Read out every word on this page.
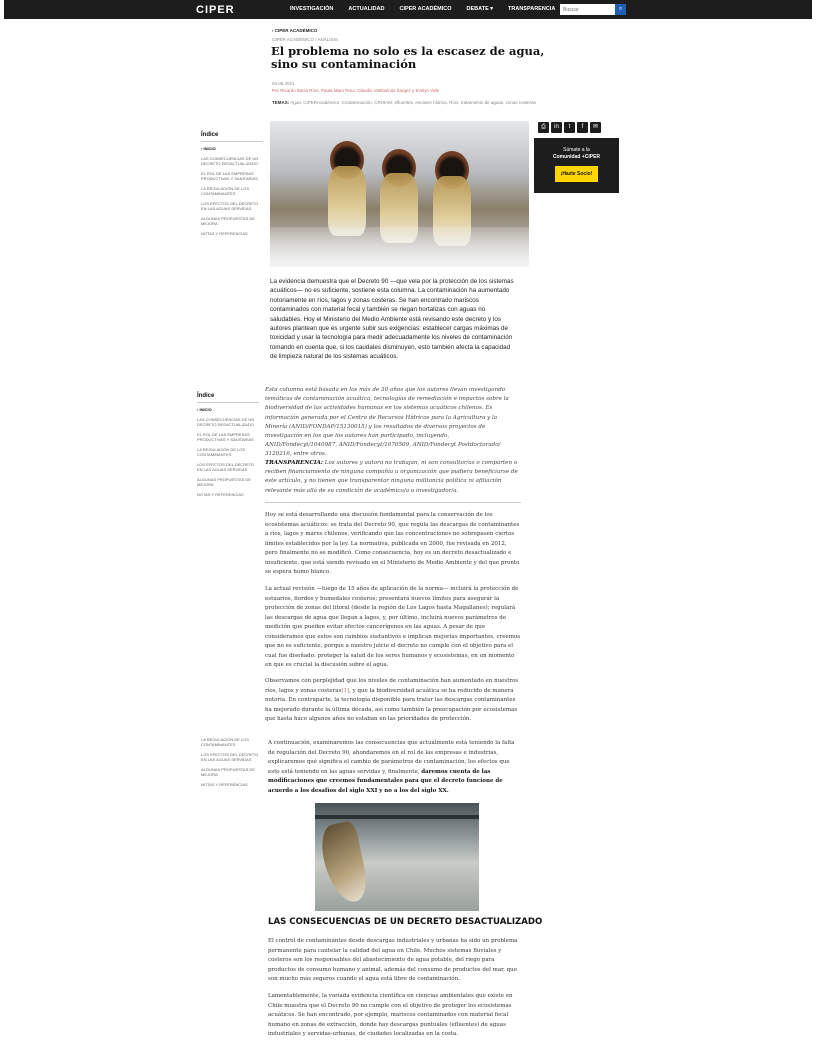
CIPER	INVESTIGACIÓN	ACTUALIDAD	CIPER ACADÉMICO	DEBATE ▾	TRANSPARENCIA
Buscar	⌕
› CIPER ACADÉMICO
CIPER ACADÉMICO / ANÁLISIS
El problema no solo es la escasez de agua, sino su contaminación
04.06.2021
Por Ricardo Barra Ríos, Paula Maro Rmo, Claudio Valdovinos Zargez y Evelyn Vide
TEMAS: Agua, CIPERAcadémico, Contaminación, CRHIAM, efluentes, escasez hídrica, Ríos, tratamiento de aguas, zonas costeras
Índice
› INICIO
LAS CONSECUENCIAS DE UN DECRETO DESACTUALIZADO
EL ROL DE LAS EMPRESAS PRODUCTIVAS Y SANITARIAS
LA REGULACIÓN DE LOS CONTAMINANTES
LOS EFECTOS DEL DECRETO EN LAS AGUAS SERVIDAS
ALGUNAS PROPUESTAS DE MEJORA
NOTAS Y REFERENCIAS
⎙	in	t	f	✉
Súmate a la
Comunidad +CIPER
¡Hazte Socio!

La evidencia demuestra que el Decreto 90 —que vela por la protección de los sistemas acuáticos— no es suficiente, sostiene esta columna. La contaminación ha aumentado notoriamente en ríos, lagos y zonas costeras. Se han encontrado mariscos contaminados con material fecal y también se riegan hortalizas con aguas no saludables. Hoy el Ministerio del Medio Ambiente está revisando este decreto y los autores plantean que es urgente subir sus exigencias: establecer cargas máximas de toxicidad y usar la tecnología para medir adecuadamente los niveles de contaminación tomando en cuenta que, si los caudales disminuyen, esto también afecta la capacidad de limpieza natural de los sistemas acuáticos.

Índice
› INICIO
LAS CONSECUENCIAS DE UN DECRETO DESACTUALIZADO
EL ROL DE LAS EMPRESAS PRODUCTIVAS Y SANITARIAS
LA REGULACIÓN DE LOS CONTAMINANTES
LOS EFECTOS DEL DECRETO EN LAS AGUAS SERVIDAS
ALGUNAS PROPUESTAS DE MEJORA
NOTAS Y REFERENCIAS

Esta columna está basada en los más de 30 años que los autores llevan investigando temáticas de contaminación acuática, tecnologías de remediación e impactos sobre la biodiversidad de las actividades humanas en los sistemas acuáticos chilenos. Es información generada por el Centro de Recursos Hídricos para la Agricultura y la Minería (ANID/FONDAP/15130015) y los resultados de diversos proyectos de investigación en los que los autores han participado, incluyendo, ANID/Fondecyt/1040987, ANID/Fondecyt/1070509, ANID/Fondecyt Postdoctorado/ 3120216, entre otros.

TRANSPARENCIA: Los autores y autora no trabajan, ni son consultor/as o comparten o reciben financiamiento de ninguna compañía u organización que pudiera beneficiarse de este artículo, y no tienen que transparentar ninguna militancia política ni afiliación relevante más allá de su condición de académico/a o investigador/a.

Hoy se está desarrollando una discusión fundamental para la conservación de los ecosistemas acuáticos: se trata del Decreto 90, que regula las descargas de contaminantes a ríos, lagos y mares chilenos, verificando que las concentraciones no sobrepasen ciertos límites establecidos por la ley. La normativa, publicada en 2000, fue revisada en 2012, pero finalmente no se modificó. Como consecuencia, hoy es un decreto desactualizado e insuficiente, que está siendo revisado en el Ministerio de Medio Ambiente y del que pronto se espera humo blanco.

La actual revisión —luego de 15 años de aplicación de la norma— incluirá la protección de estuarios, fiordos y humedales costeros; presentará nuevos límites para asegurar la protección de zonas del litoral (desde la región de Los Lagos hasta Magallanes); regulará las descargas de agua que llegan a lagos, y, por último, incluirá nuevos parámetros de medición que pueden evitar efectos cancerígenos en las aguas. A pesar de que consideramos que estos son cambios sustantivos e implican mejorías importantes, creemos que no es suficiente, porque a nuestro juicio el decreto no cumple con el objetivo para el cual fue diseñado: proteger la salud de los seres humanos y ecosistemas, en un momento en que es crucial la discusión sobre el agua.

Observamos con perplejidad que los niveles de contaminación han aumentado en nuestros ríos, lagos y zonas costeras[1], y que la biodiversidad acuática se ha reducido de manera notoria. En contraparte, la tecnología disponible para tratar las descargas contaminantes ha mejorado durante la última década, así como también la preocupación por ecosistemas que hasta hace algunos años no estaban en las prioridades de protección.

LA REGULACIÓN DE LOS CONTAMINANTES
LOS EFECTOS DEL DECRETO EN LAS AGUAS SERVIDAS
ALGUNAS PROPUESTAS DE MEJORA
NOTAS Y REFERENCIAS

A continuación, examinaremos las consecuencias que actualmente está teniendo la falta de regulación del Decreto 90, ahondaremos en el rol de las empresas e industrias, explicaremos qué significa el cambio de parámetros de contaminación, los efectos que esto está teniendo en las aguas servidas y, finalmente, daremos cuenta de las modificaciones que creemos fundamentales para que el decreto funcione de acuerdo a los desafíos del siglo XXI y no a los del siglo XX.

LAS CONSECUENCIAS DE UN DECRETO DESACTUALIZADO

El control de contaminantes desde descargas industriales y urbanas ha sido un problema permanente para cautelar la calidad del agua en Chile. Muchos sistemas fluviales y costeros son los responsables del abastecimiento de agua potable, del riego para productos de consumo humano y animal, además del consumo de productos del mar, que son mucho más seguros cuando el agua está libre de contaminación.

Lamentablemente, la variada evidencia científica en ciencias ambientales que existe en Chile muestra que el Decreto 90 no cumple con el objetivo de proteger los ecosistemas acuáticos. Se han encontrado, por ejemplo, mariscos contaminados con material fecal humano en zonas de extracción, donde hay descargas puntuales (efluentes) de aguas industriales y servidas-urbanas, de ciudades localizadas en la costa.
